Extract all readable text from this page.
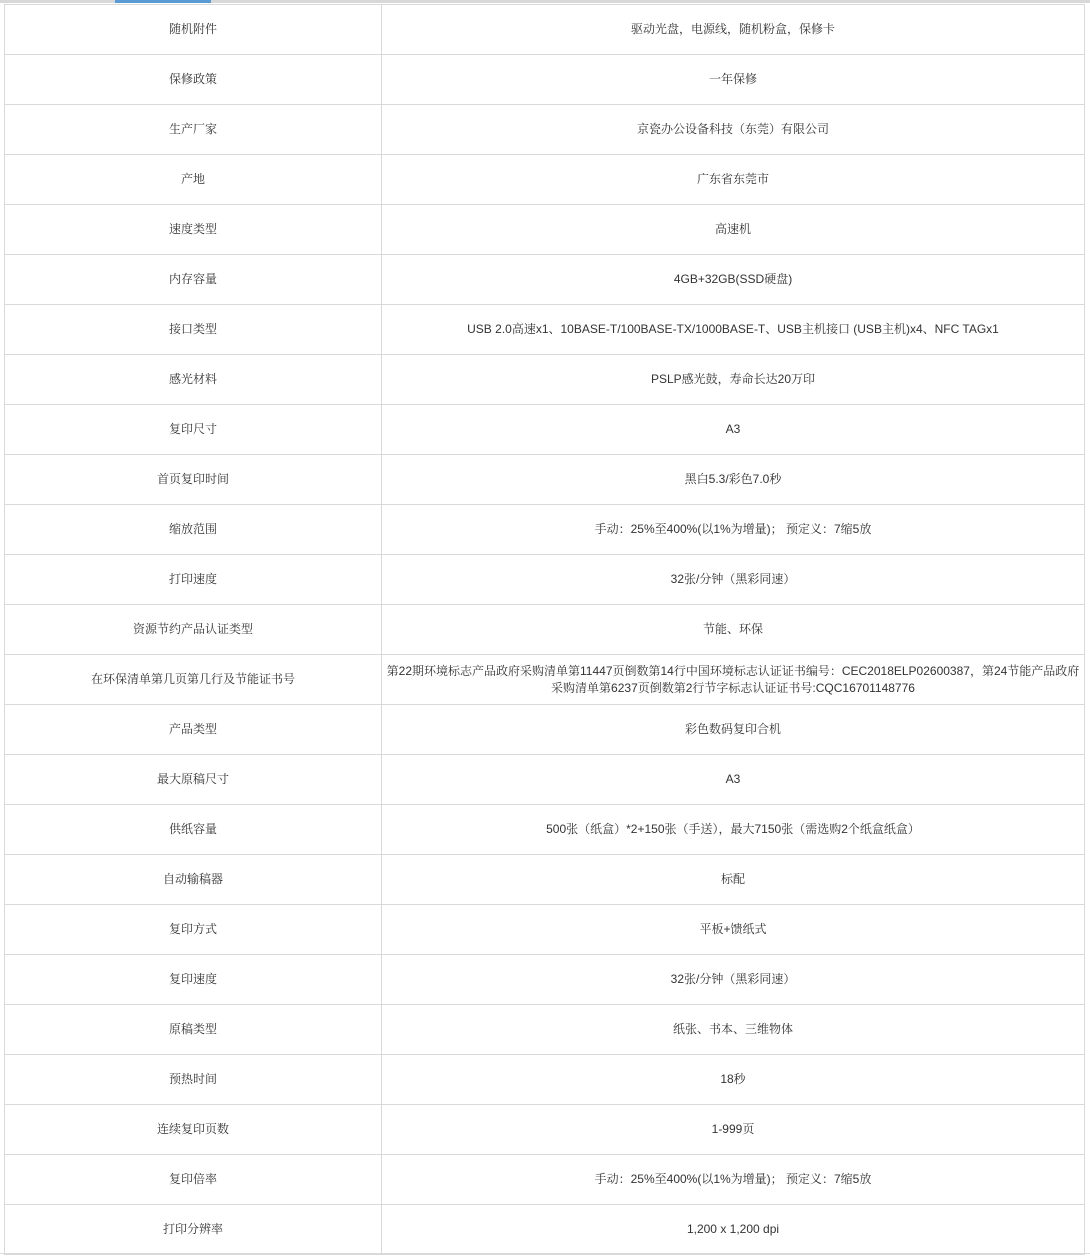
随机附件	驱动光盘，电源线，随机粉盒，保修卡
保修政策	一年保修
生产厂家	京瓷办公设备科技（东莞）有限公司
产地	广东省东莞市
速度类型	高速机
内存容量	4GB+32GB(SSD硬盘)
接口类型	USB 2.0高速x1、10BASE-T/100BASE-TX/1000BASE-T、USB主机接口 (USB主机)x4、NFC TAGx1
感光材料	PSLP感光鼓，寿命长达20万印
复印尺寸	A3
首页复印时间	黑白5.3/彩色7.0秒
缩放范围	手动：25%至400%(以1%为增量)； 预定义：7缩5放
打印速度	32张/分钟（黑彩同速）
资源节约产品认证类型	节能、环保
在环保清单第几页第几行及节能证书号	第22期环境标志产品政府采购清单第11447页倒数第14行中国环境标志认证证书编号：CEC2018ELP02600387，第24节能产品政府采购清单第6237页倒数第2行节字标志认证证书号:CQC16701148776
产品类型	彩色数码复印合机
最大原稿尺寸	A3
供纸容量	500张（纸盒）*2+150张（手送），最大7150张（需选购2个纸盒纸盒）
自动输稿器	标配
复印方式	平板+馈纸式
复印速度	32张/分钟（黑彩同速）
原稿类型	纸张、书本、三维物体
预热时间	18秒
连续复印页数	1-999页
复印倍率	手动：25%至400%(以1%为增量)； 预定义：7缩5放
打印分辨率	1,200 x 1,200 dpi
